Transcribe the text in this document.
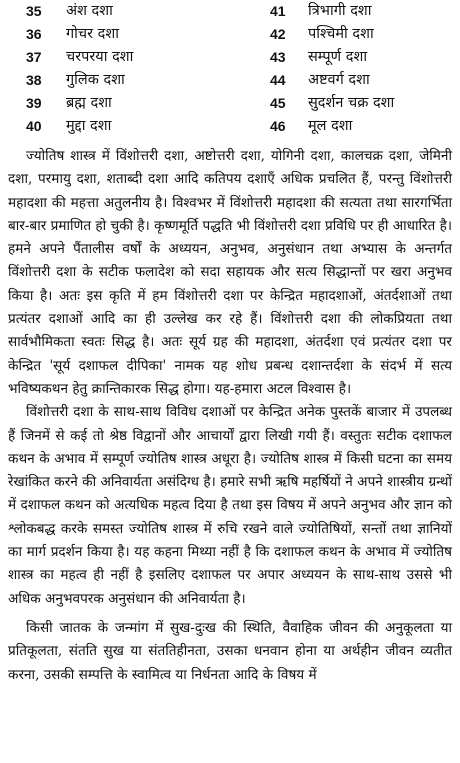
35	अंश दशा	41	त्रिभागी दशा
36	गोचर दशा	42	पश्चिमी दशा
37	चरपरया दशा	43	सम्पूर्ण दशा
38	गुलिक दशा	44	अष्टवर्ग दशा
39	ब्रह्म दशा	45	सुदर्शन चक्र दशा
40	मुद्दा दशा	46	मूल दशा

ज्योतिष शास्त्र में विंशोत्तरी दशा, अष्टोत्तरी दशा, योगिनी दशा, कालचक्र दशा, जेमिनी दशा, परमायु दशा, शताब्दी दशा आदि कतिपय दशाएँ अधिक प्रचलित हैं, परन्तु विंशोत्तरी महादशा की महत्ता अतुलनीय है। विश्वभर में विंशोत्तरी महादशा की सत्यता तथा सारगर्भिता बार-बार प्रमाणित हो चुकी है। कृष्णमूर्ति पद्धति भी विंशोत्तरी दशा प्रविधि पर ही आधारित है। हमने अपने पैंतालीस वर्षों के अध्ययन, अनुभव, अनुसंधान तथा अभ्यास के अन्तर्गत विंशोत्तरी दशा के सटीक फलादेश को सदा सहायक और सत्य सिद्धान्तों पर खरा अनुभव किया है। अतः इस कृति में हम विंशोत्तरी दशा पर केन्द्रित महादशाओं, अंतर्दशाओं तथा प्रत्यंतर दशाओं आदि का ही उल्लेख कर रहे हैं। विंशोत्तरी दशा की लोकप्रियता तथा सार्वभौमिकता स्वतः सिद्ध है। अतः सूर्य ग्रह की महादशा, अंतर्दशा एवं प्रत्यंतर दशा पर केन्द्रित 'सूर्य दशाफल दीपिका' नामक यह शोध प्रबन्ध दशान्तर्दशा के संदर्भ में सत्य भविष्यकथन हेतु क्रान्तिकारक सिद्ध होगा। यह-हमारा अटल विश्वास है।

विंशोत्तरी दशा के साथ-साथ विविध दशाओं पर केन्द्रित अनेक पुस्तकें बाजार में उपलब्ध हैं जिनमें से कई तो श्रेष्ठ विद्वानों और आचार्यों द्वारा लिखी गयी हैं। वस्तुतः सटीक दशाफल कथन के अभाव में सम्पूर्ण ज्योतिष शास्त्र अधूरा है। ज्योतिष शास्त्र में किसी घटना का समय रेखांकित करने की अनिवार्यता असंदिग्ध है। हमारे सभी ऋषि महर्षियों ने अपने शास्त्रीय ग्रन्थों में दशाफल कथन को अत्यधिक महत्व दिया है तथा इस विषय में अपने अनुभव और ज्ञान को श्लोकबद्ध करके समस्त ज्योतिष शास्त्र में रुचि रखने वाले ज्योतिषियों, सन्तों तथा ज्ञानियों का मार्ग प्रदर्शन किया है। यह कहना मिथ्या नहीं है कि दशाफल कथन के अभाव में ज्योतिष शास्त्र का महत्व ही नहीं है इसलिए दशाफल पर अपार अध्ययन के साथ-साथ उससे भी अधिक अनुभवपरक अनुसंधान की अनिवार्यता है।

किसी जातक के जन्मांग में सुख-दुःख की स्थिति, वैवाहिक जीवन की अनुकूलता या प्रतिकूलता, संतति सुख या संततिहीनता, उसका धनवान होना या अर्थहीन जीवन व्यतीत करना, उसकी सम्पत्ति के स्वामित्व या निर्धनता आदि के विषय में
